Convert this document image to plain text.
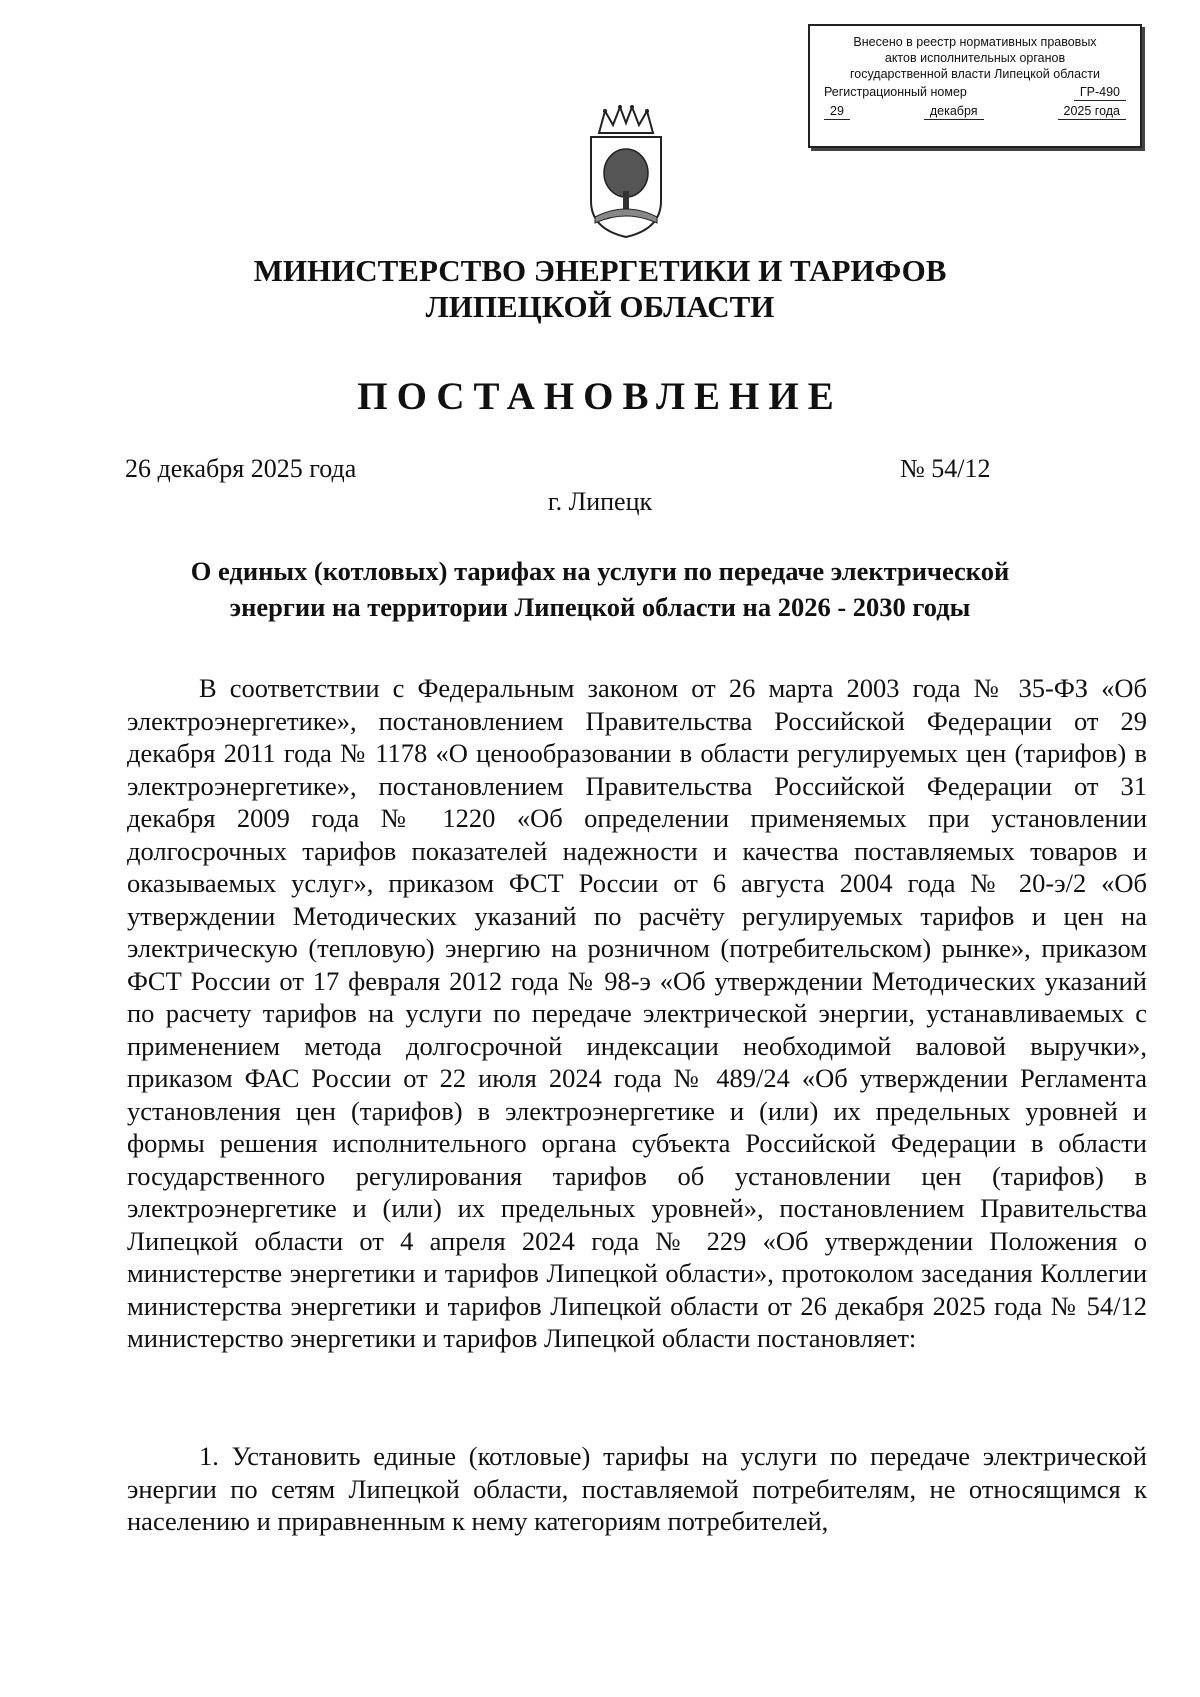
Внесено в реестр нормативных правовых
актов исполнительных органов
государственной власти Липецкой области
Регистрационный номер	ГР-490
29	декабря	2025 года
МИНИСТЕРСТВО ЭНЕРГЕТИКИ И ТАРИФОВ
ЛИПЕЦКОЙ ОБЛАСТИ
ПОСТАНОВЛЕНИЕ
26 декабря 2025 года	№ 54/12
г. Липецк
О единых (котловых) тарифах на услуги по передаче электрической
энергии на территории Липецкой области на 2026 - 2030 годы

В соответствии с Федеральным законом от 26 марта 2003 года № 35-ФЗ «Об электроэнергетике», постановлением Правительства Российской Федерации от 29 декабря 2011 года № 1178 «О ценообразовании в области регулируемых цен (тарифов) в электроэнергетике», постановлением Правительства Российской Федерации от 31 декабря 2009 года № 1220 «Об определении применяемых при установлении долгосрочных тарифов показателей надежности и качества поставляемых товаров и оказываемых услуг», приказом ФСТ России от 6 августа 2004 года № 20-э/2 «Об утверждении Методических указаний по расчёту регулируемых тарифов и цен на электрическую (тепловую) энергию на розничном (потребительском) рынке», приказом ФСТ России от 17 февраля 2012 года № 98-э «Об утверждении Методических указаний по расчету тарифов на услуги по передаче электрической энергии, устанавливаемых с применением метода долгосрочной индексации необходимой валовой выручки», приказом ФАС России от 22 июля 2024 года № 489/24 «Об утверждении Регламента установления цен (тарифов) в электроэнергетике и (или) их предельных уровней и формы решения исполнительного органа субъекта Российской Федерации в области государственного регулирования тарифов об установлении цен (тарифов) в электроэнергетике и (или) их предельных уровней», постановлением Правительства Липецкой области от 4 апреля 2024 года № 229 «Об утверждении Положения о министерстве энергетики и тарифов Липецкой области», протоколом заседания Коллегии министерства энергетики и тарифов Липецкой области от 26 декабря 2025 года № 54/12 министерство энергетики и тарифов Липецкой области постановляет:

1. Установить единые (котловые) тарифы на услуги по передаче электрической энергии по сетям Липецкой области, поставляемой потребителям, не относящимся к населению и приравненным к нему категориям потребителей,
